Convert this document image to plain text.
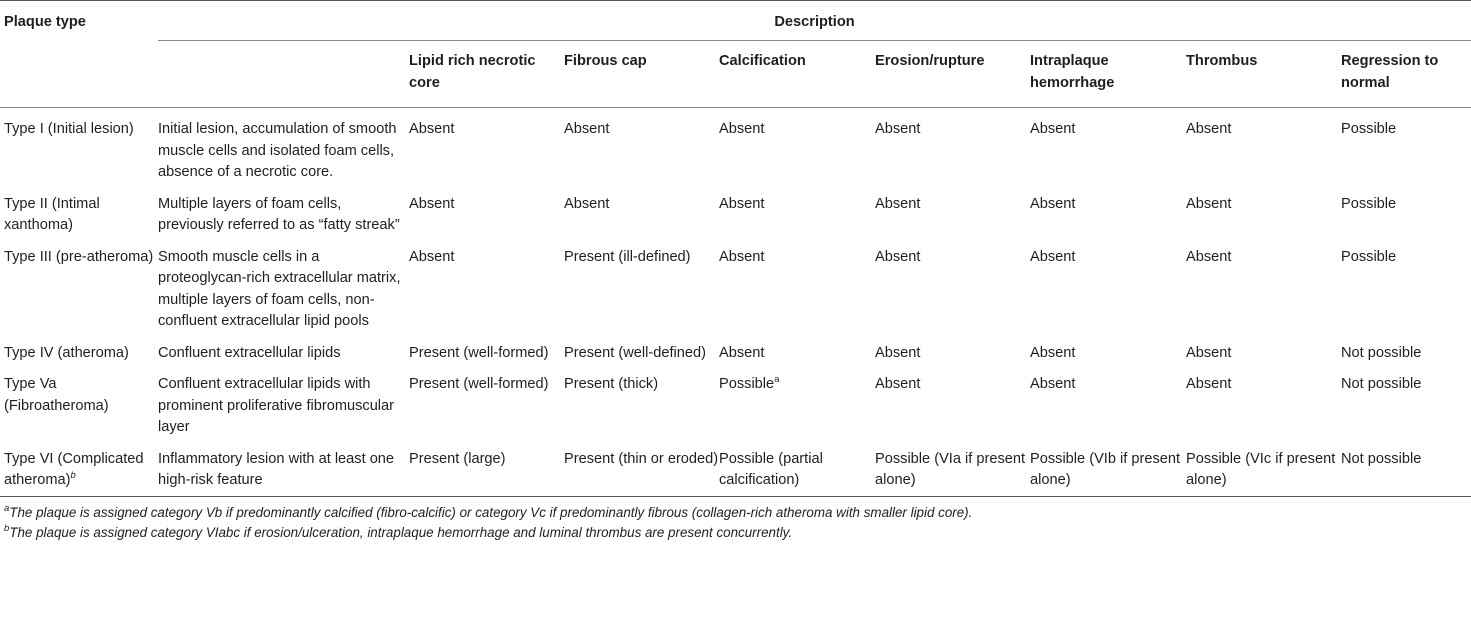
Plaque type	Description							
		Lipid rich necrotic core	Fibrous cap	Calcification	Erosion/rupture	Intraplaque hemorrhage	Thrombus	Regression to normal
Type I (Initial lesion)	Initial lesion, accumulation of smooth muscle cells and isolated foam cells, absence of a necrotic core.	Absent	Absent	Absent	Absent	Absent	Absent	Possible
Type II (Intimal xanthoma)	Multiple layers of foam cells, previously referred to as “fatty streak”	Absent	Absent	Absent	Absent	Absent	Absent	Possible
Type III (pre-atheroma)	Smooth muscle cells in a proteoglycan-rich extracellular matrix, multiple layers of foam cells, non-confluent extracellular lipid pools	Absent	Present (ill-defined)	Absent	Absent	Absent	Absent	Possible
Type IV (atheroma)	Confluent extracellular lipids	Present (well-formed)	Present (well-defined)	Absent	Absent	Absent	Absent	Not possible
Type Va (Fibroatheroma)	Confluent extracellular lipids with prominent proliferative fibromuscular layer	Present (well-formed)	Present (thick)	Possible$^a$	Absent	Absent	Absent	Not possible
Type VI (Complicated atheroma)$^b$	Inflammatory lesion with at least one high-risk feature	Present (large)	Present (thin or eroded)	Possible (partial calcification)	Possible (VIa if present alone)	Possible (VIb if present alone)	Possible (VIc if present alone)	Not possible
$^a$The plaque is assigned category Vb if predominantly calcified (fibro-calcific) or category Vc if predominantly fibrous (collagen-rich atheroma with smaller lipid core).
$^b$The plaque is assigned category VIabc if erosion/ulceration, intraplaque hemorrhage and luminal thrombus are present concurrently.
